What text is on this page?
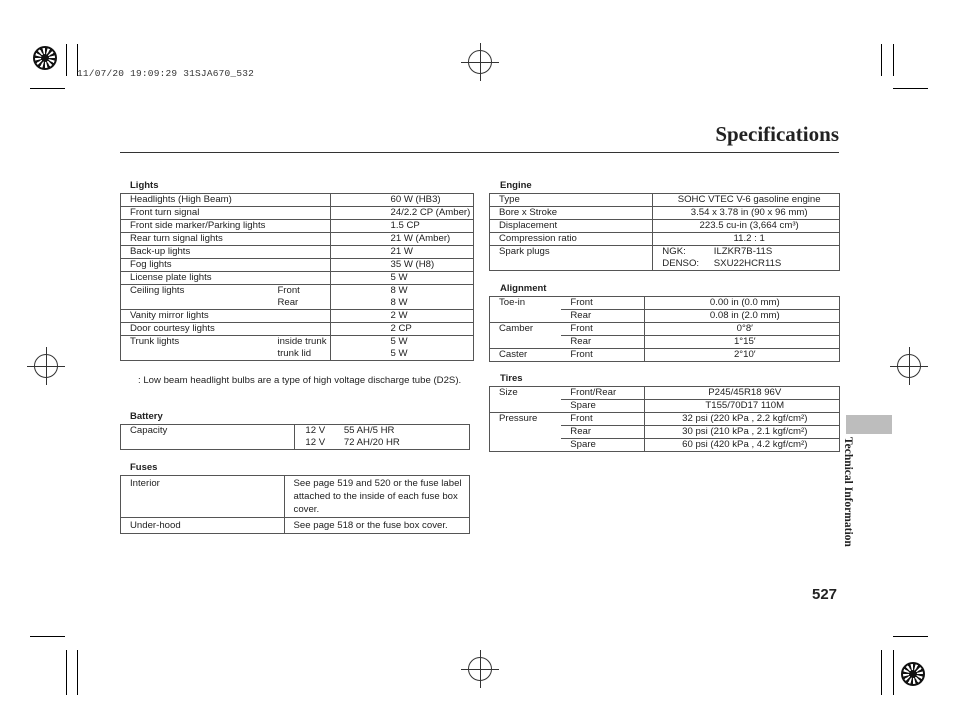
11/07/20 19:09:29 31SJA670_532
Specifications
Lights
Headlights (High Beam)		60 W (HB3)
Front turn signal		24/2.2 CP (Amber)
Front side marker/Parking lights		1.5 CP
Rear turn signal lights		21 W (Amber)
Back-up lights		21 W
Fog lights		35 W (H8)
License plate lights		5 W
Ceiling lights	Front	8 W
	Rear	8 W
Vanity mirror lights		2 W
Door courtesy lights		2 CP
Trunk lights	inside trunk	5 W
	trunk lid	5 W
: Low beam headlight bulbs are a type of high voltage discharge tube (D2S).
Battery
Capacity	12 V	55 AH/5 HR
	12 V	72 AH/20 HR
Fuses
Interior	See page 519 and 520 or the fuse label attached to the inside of each fuse box cover.
Under-hood	See page 518 or the fuse box cover.
Engine
Type	SOHC VTEC V-6 gasoline engine	
Bore x Stroke	3.54 x 3.78 in (90 x 96 mm)	
Displacement	223.5 cu-in (3,664 cm³)	
Compression ratio	11.2 : 1	
Spark plugs	NGK:	ILZKR7B-11S
	DENSO:	SXU22HCR11S
Alignment
Toe-in	Front	0.00 in (0.0 mm)
	Rear	0.08 in (2.0 mm)
Camber	Front	0°8′
	Rear	1°15′
Caster	Front	2°10′
Tires
Size	Front/Rear	P245/45R18 96V
	Spare	T155/70D17 110M
Pressure	Front	32 psi (220 kPa , 2.2 kgf/cm²)
	Rear	30 psi (210 kPa , 2.1 kgf/cm²)
	Spare	60 psi (420 kPa , 4.2 kgf/cm²)	Technical Information
527
